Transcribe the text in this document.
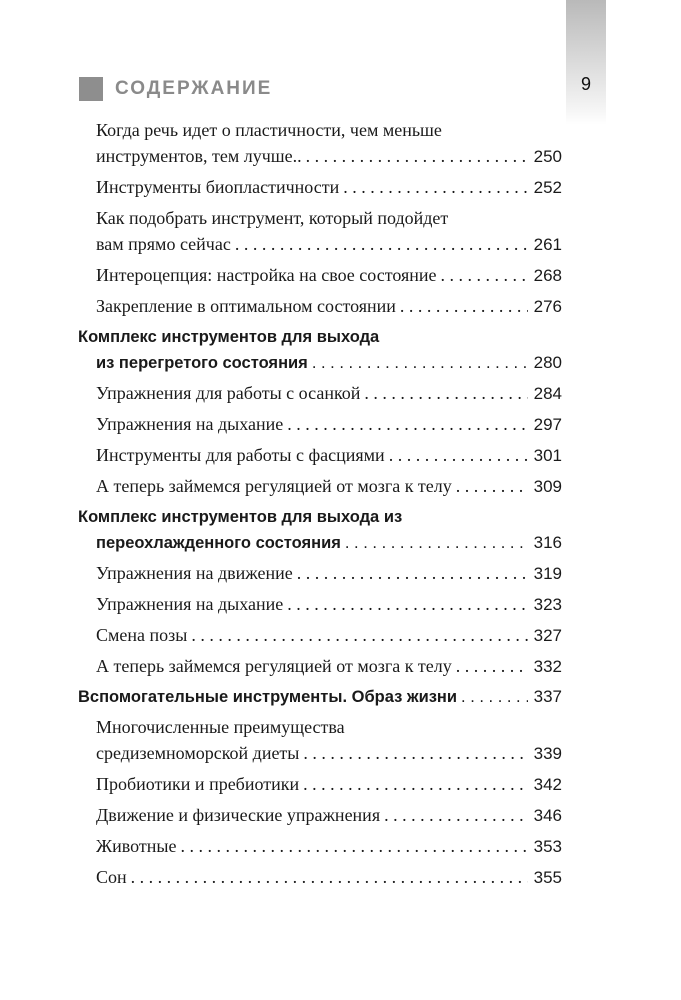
9
СОДЕРЖАНИЕ
Когда речь идет о пластичности, чем меньше
инструментов, тем лучше.. . . .	250
Инструменты биопластичности . . .	252
Как подобрать инструмент, который подойдет
вам прямо сейчас . . .	261
Интероцепция: настройка на свое состояние . . .	268
Закрепление в оптимальном состоянии . . .	276
Комплекс инструментов для выхода
из перегретого состояния . . .	280
Упражнения для работы с осанкой . . .	284
Упражнения на дыхание . . .	297
Инструменты для работы с фасциями . . .	301
А теперь займемся регуляцией от мозга к телу . . .	309
Комплекс инструментов для выхода из
переохлажденного состояния . . .	316
Упражнения на движение . . .	319
Упражнения на дыхание . . .	323
Смена позы . . .	327
А теперь займемся регуляцией от мозга к телу . . .	332
Вспомогательные инструменты. Образ жизни . . .	337
Многочисленные преимущества
средиземноморской диеты . . .	339
Пробиотики и пребиотики . . .	342
Движение и физические упражнения . . .	346
Животные . . .	353
Сон . . .	355
